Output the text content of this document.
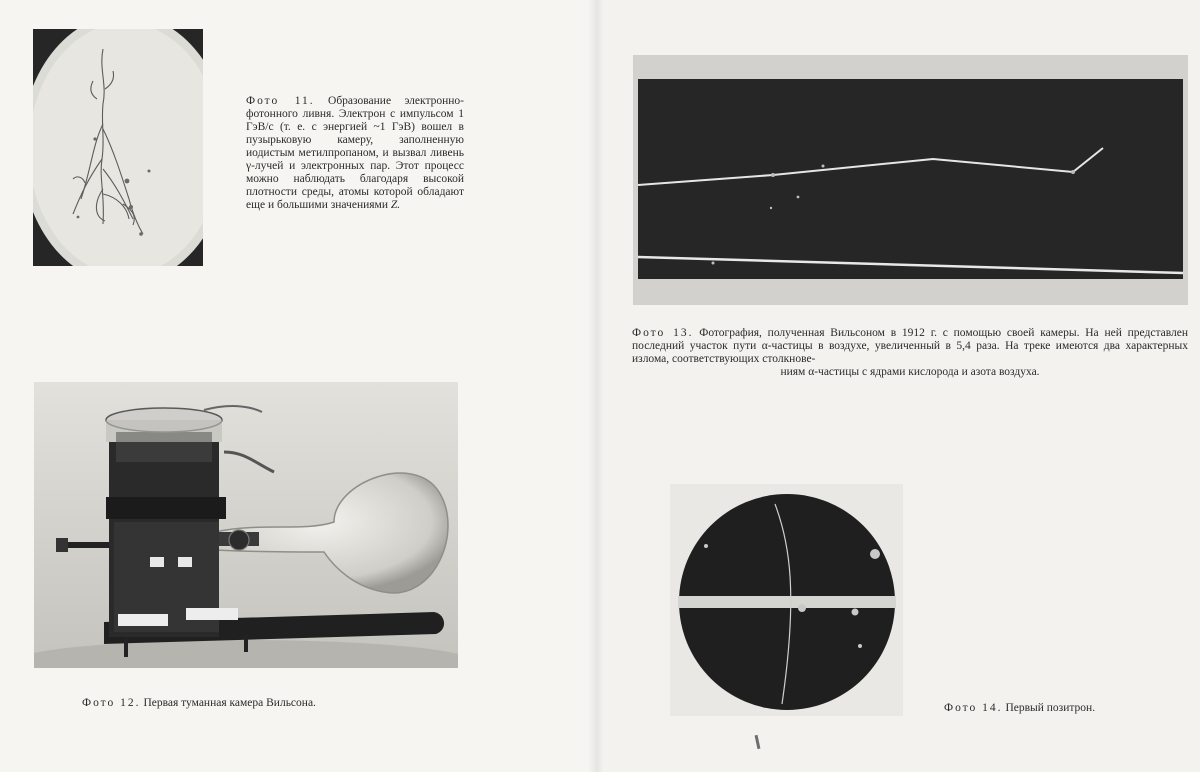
Фото 11. Образование электронно-фотонного ливня. Электрон с импульсом 1 ГэВ/c (т. е. с энергией ~1 ГэВ) вошел в пузырьковую камеру, заполненную иодистым метилпропаном, и вызвал ливень γ-лучей и электронных пар. Этот процесс можно наблюдать благодаря высокой плотности среды, атомы которой обладают еще и большими значениями Z.
Фото 12. Первая туманная камера Вильсона.
Фото 13. Фотография, полученная Вильсоном в 1912 г. с помощью своей камеры. На ней представлен последний участок пути α-частицы в воздухе, увеличенный в 5,4 раза. На треке имеются два характерных излома, соответствующих столкнове-
ниям α-частицы с ядрами кислорода и азота воздуха.
Фото 14. Первый позитрон.
